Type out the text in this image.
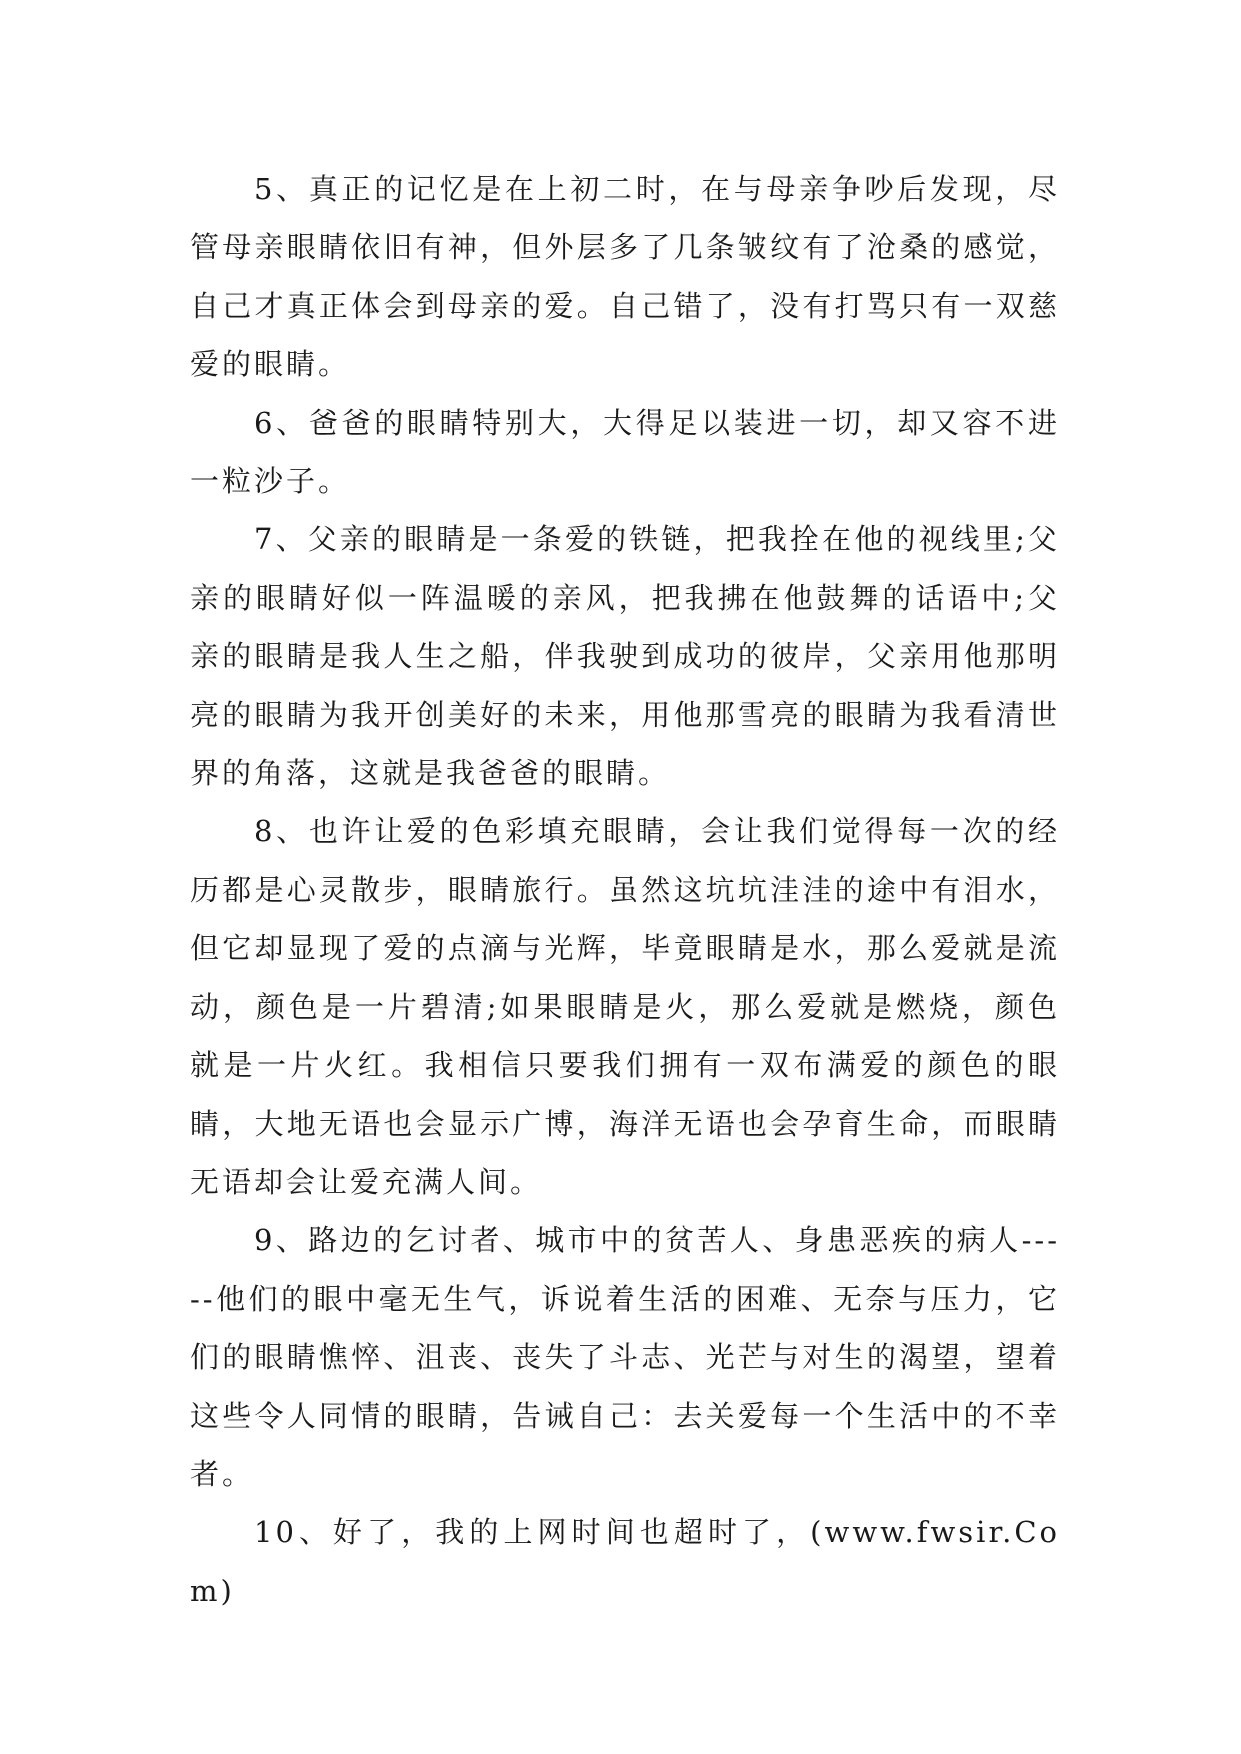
5、真正的记忆是在上初二时，在与母亲争吵后发现，尽管母亲眼睛依旧有神，但外层多了几条皱纹有了沧桑的感觉，自己才真正体会到母亲的爱。自己错了，没有打骂只有一双慈爱的眼睛。

6、爸爸的眼睛特别大，大得足以装进一切，却又容不进一粒沙子。

7、父亲的眼睛是一条爱的铁链，把我拴在他的视线里;父亲的眼睛好似一阵温暖的亲风，把我拂在他鼓舞的话语中;父亲的眼睛是我人生之船，伴我驶到成功的彼岸，父亲用他那明亮的眼睛为我开创美好的未来，用他那雪亮的眼睛为我看清世界的角落，这就是我爸爸的眼睛。

8、也许让爱的色彩填充眼睛，会让我们觉得每一次的经历都是心灵散步，眼睛旅行。虽然这坑坑洼洼的途中有泪水，但它却显现了爱的点滴与光辉，毕竟眼睛是水，那么爱就是流动，颜色是一片碧清;如果眼睛是火，那么爱就是燃烧，颜色就是一片火红。我相信只要我们拥有一双布满爱的颜色的眼睛，大地无语也会显示广博，海洋无语也会孕育生命，而眼睛无语却会让爱充满人间。

9、路边的乞讨者、城市中的贫苦人、身患恶疾的病人-----他们的眼中毫无生气，诉说着生活的困难、无奈与压力，它们的眼睛憔悴、沮丧、丧失了斗志、光芒与对生的渴望，望着这些令人同情的眼睛，告诫自己：去关爱每一个生活中的不幸者。

10、好了，我的上网时间也超时了，(www.fwsir.Com)
